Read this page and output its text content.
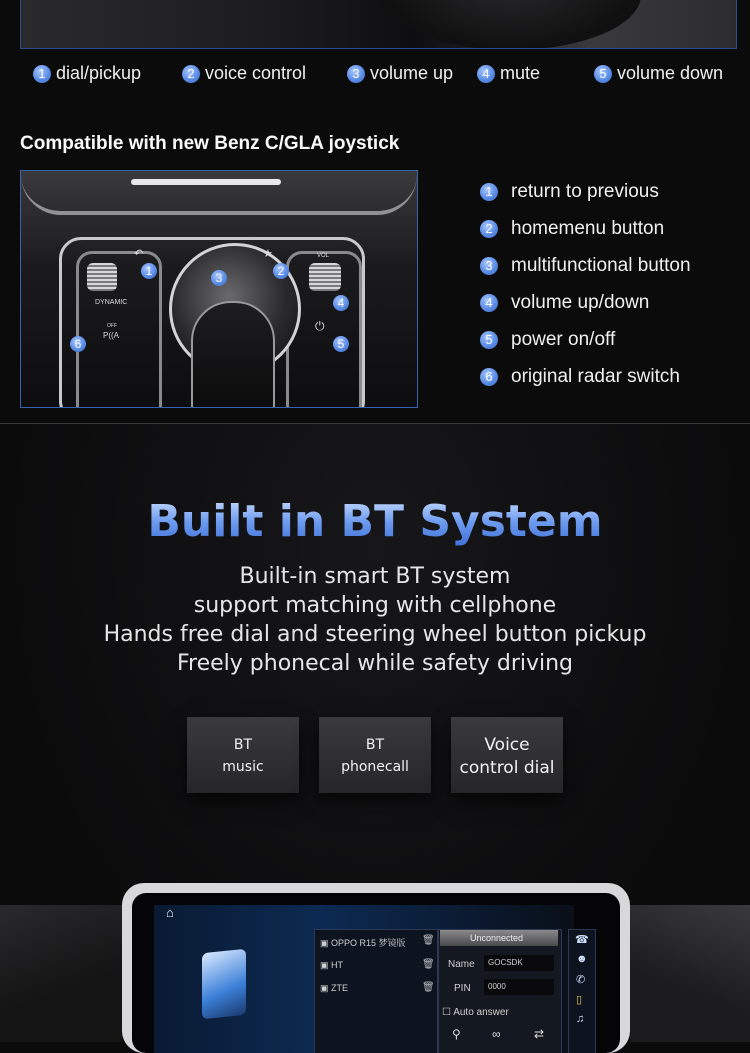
1 dial/pickup	2 voice control	3 volume up	4 mute	5 volume down
Compatible with new Benz C/GLA joystick
DYNAMIC
VOL
OFF
P((A
↶	★
⏻
1	2
3
4
5
6
1 return to previous
2 homemenu button
3 multifunctional button
4 volume up/down
5 power on/off
6 original radar switch
Built in BT System
Built-in smart BT system
support matching with cellphone
Hands free dial and steering wheel button pickup
Freely phonecal while safety driving
BT
music
BT
phonecall
Voice
control dial
⌂
▣ OPPO R15 梦镜版
▣ HT
▣ ZTE
🗑
🗑
🗑
Unconnected
Name GOCSDK
PIN 0000
☐ Auto answer
⚲	∞	⇄
☎
☻
✆
▯
♫
